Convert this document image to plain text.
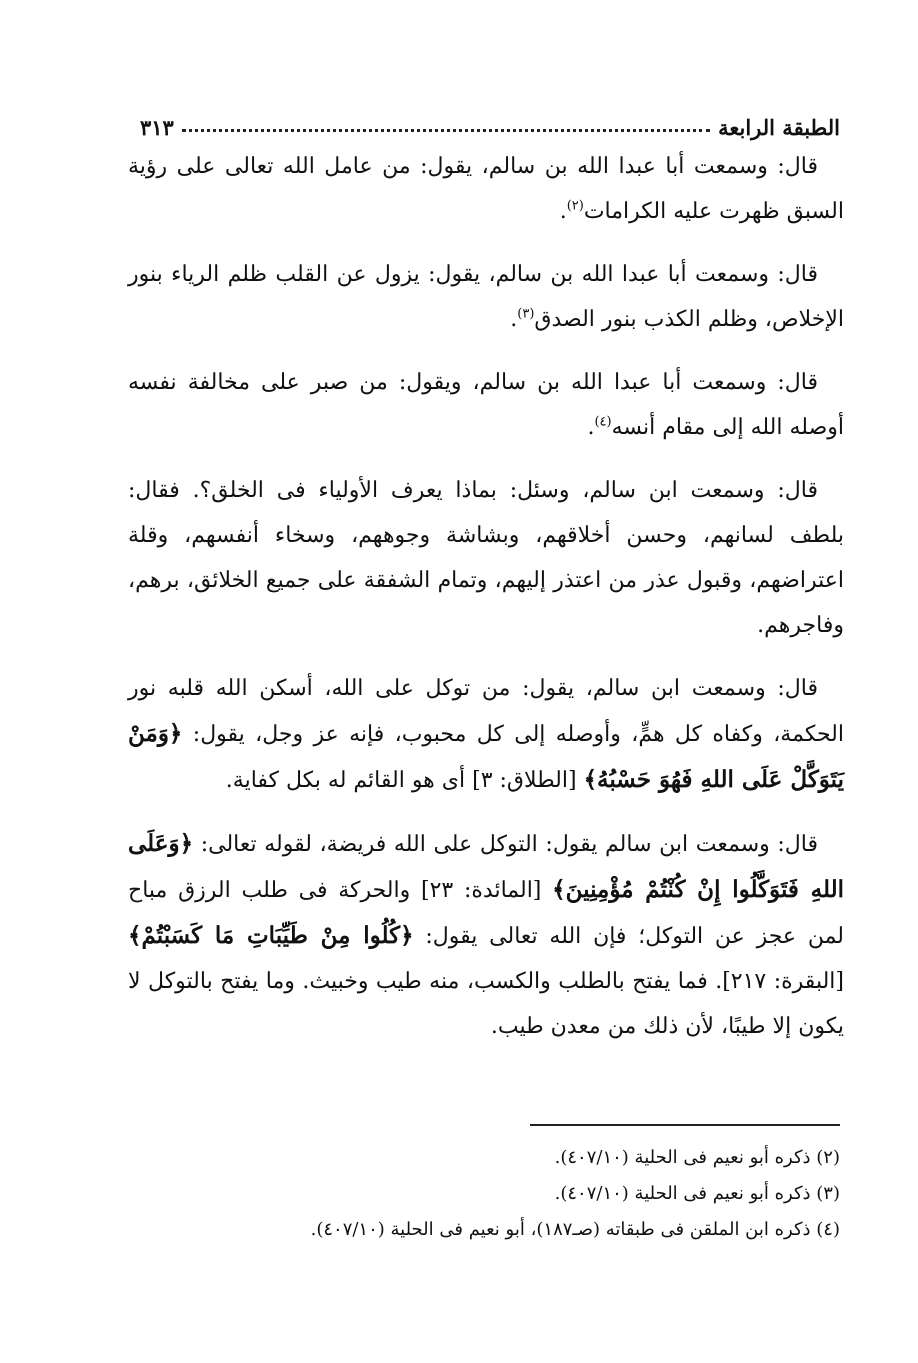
الطبقة الرابعة
٣١٣

قال: وسمعت أبا عبدا الله بن سالم، يقول: من عامل الله تعالى على رؤية السبق ظهرت عليه الكرامات$^{(٢)}$.

قال: وسمعت أبا عبدا الله بن سالم، يقول: يزول عن القلب ظلم الرياء بنور الإخلاص، وظلم الكذب بنور الصدق$^{(٣)}$.

قال: وسمعت أبا عبدا الله بن سالم، ويقول: من صبر على مخالفة نفسه أوصله الله إلى مقام أنسه$^{(٤)}$.

قال: وسمعت ابن سالم، وسئل: بماذا يعرف الأولياء فى الخلق؟. فقال: بلطف لسانهم، وحسن أخلاقهم، وبشاشة وجوههم، وسخاء أنفسهم، وقلة اعتراضهم، وقبول عذر من اعتذر إليهم، وتمام الشفقة على جميع الخلائق، برهم، وفاجرهم.

قال: وسمعت ابن سالم، يقول: من توكل على الله، أسكن الله قلبه نور الحكمة، وكفاه كل همٍّ، وأوصله إلى كل محبوب، فإنه عز وجل، يقول: ﴿وَمَنْ يَتَوَكَّلْ عَلَى اللهِ فَهُوَ حَسْبُهُ﴾ [الطلاق: ٣] أى هو القائم له بكل كفاية.

قال: وسمعت ابن سالم يقول: التوكل على الله فريضة، لقوله تعالى: ﴿وَعَلَى اللهِ فَتَوَكَّلُوا إِنْ كُنْتُمْ مُؤْمِنِينَ﴾ [المائدة: ٢٣] والحركة فى طلب الرزق مباح لمن عجز عن التوكل؛ فإن الله تعالى يقول: ﴿كُلُوا مِنْ طَيِّبَاتِ مَا كَسَبْتُمْ﴾ [البقرة: ٢١٧]. فما يفتح بالطلب والكسب، منه طيب وخبيث. وما يفتح بالتوكل لا يكون إلا طيبًا، لأن ذلك من معدن طيب.

(٢) ذكره أبو نعيم فى الحلية (٤٠٧/١٠).

(٣) ذكره أبو نعيم فى الحلية (٤٠٧/١٠).

(٤) ذكره ابن الملقن فى طبقاته (صـ١٨٧)، أبو نعيم فى الحلية (٤٠٧/١٠).
